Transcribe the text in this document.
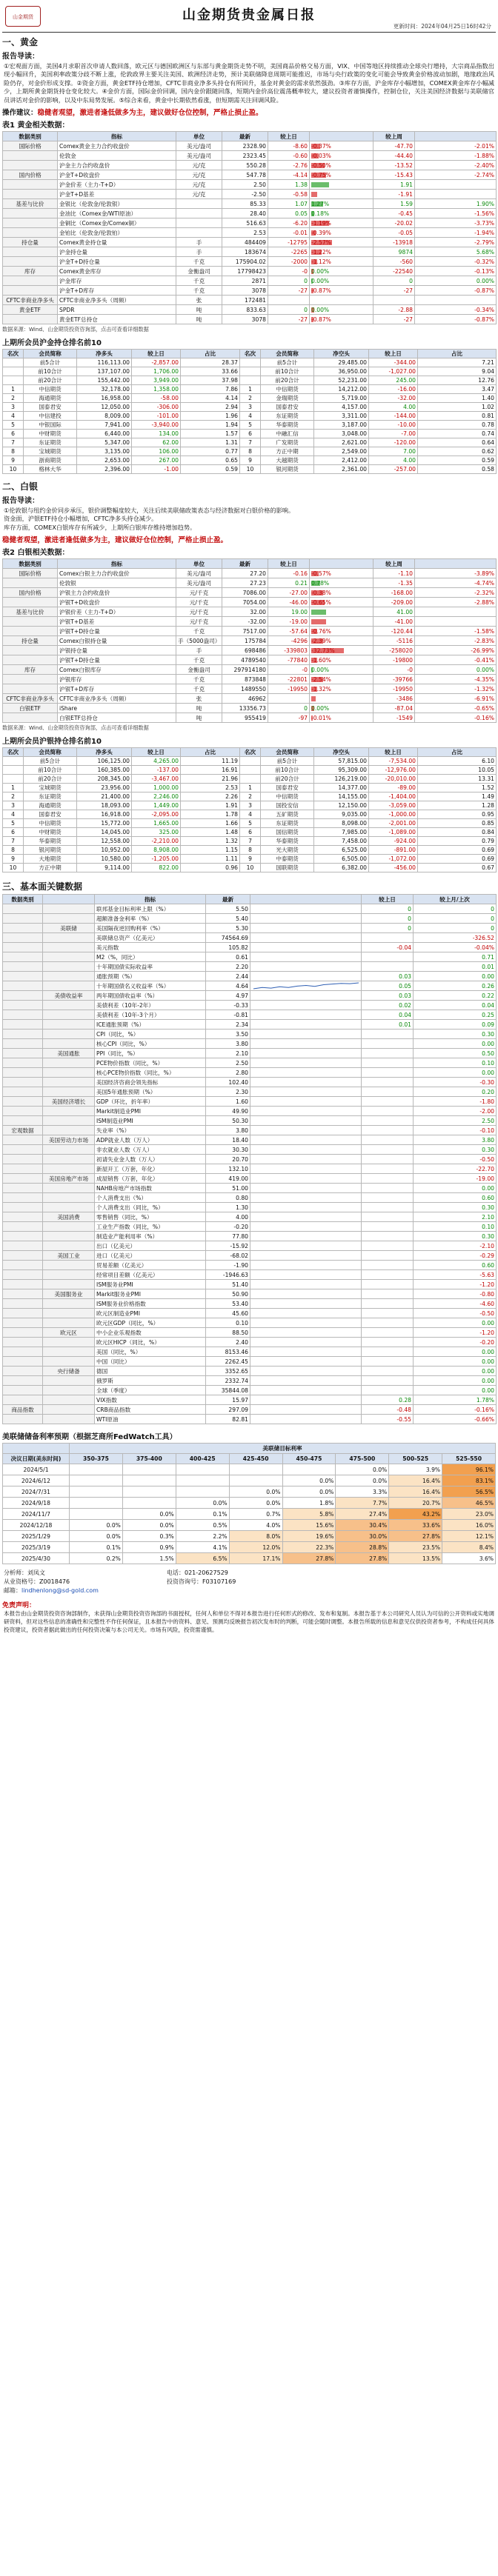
山金期货	山金期货贵金属日报
更新时间：2024年04月25日16时42分
一、黄金
报告导读：
①宏观面方面，美国4月求职首次申请人数回落，欧元区与德国欧洲区与东部与黄金期货走势不明，美国商品价格交易方面，VIX、中国等地区持续推动全球央行增持，大宗商品指数出现小幅回升，美国利率政策分歧不断上涨，伦敦政界主要关注美国、欧洲经济走势，预计美联储降息周期可能推迟，市场与央行政策的变化可能会导致黄金价格波动加剧，地缘政治风险仍存，对金价形成支撑。②资金方面，黄金ETF持仓增加，CFTC非商业净多头持仓有所回升，基金对黄金的需求依然强劲。③库存方面，沪金库存小幅增加，COMEX黄金库存小幅减少，上期所黄金期货持仓变化较大。④金价方面，国际金价回调，国内金价跟随回落，短期内金价高位震荡概率较大，建议投资者谨慎操作，控制仓位，关注美国经济数据与美联储官员讲话对金价的影响，以及中东局势发展。⑤综合来看，黄金中长期依然看涨，但短期需关注回调风险。
操作建议：稳健者观望，激进者逢低做多为主，建议做好仓位控制，严格止损止盈。
表1 黄金相关数据：
数据类别	指标	单位	最新	较上日		较上周	
国际价格	Comex黄金主力合约收盘价	美元/盎司	2328.90	-8.60	-0.37%	-47.70	-2.01%
	伦敦金	美元/盎司	2323.45	-0.60	-0.03%	-44.40	-1.88%
	沪金主力合约收盘价	元/克	550.28	-2.76	-0.50%	-13.52	-2.40%
国内价格	沪金T+D收盘价	元/克	547.78	-4.14	-0.75%	-15.43	-2.74%
	沪金价差（主力-T+D）	元/克	2.50	1.38		1.91	
	沪金T+D基差	元/克	-2.50	-0.58		-1.91	
基差与比价	金银比（伦敦金/伦敦银）		85.33	1.07	1.27%	1.59	1.90%
	金油比（Comex金/WTI原油）		28.40	0.05	0.18%	-0.45	-1.56%
	金铜比（Comex金/Comex铜）		516.63	-6.20	-1.19%	-20.02	-3.73%
	金铂比（伦敦金/伦敦铂）		2.53	-0.01	-0.39%	-0.05	-1.94%
持仓量	Comex黄金持仓量	手	484409	-12795	-2.57%	-13918	-2.79%
	沪金持仓量	手	183674	-2265	-1.22%	9874	5.68%
	沪金T+D持仓量	千克	175904.02	-2000	-1.12%	-560	-0.32%
库存	Comex黄金库存	金衡盎司	17798423	-0	0.00%	-22540	-0.13%
	沪金库存	千克	2871	0	0.00%	0	0.00%
	沪金T+D库存	千克	3078	-27	-0.87%	-27	-0.87%
CFTC非商业净多头	CFTC非商业净多头（周频）	张	172481		

黄金ETF	SPDR	吨	833.63	0	0.00%	-2.88	-0.34%
	黄金ETF总持仓	吨	3078	-27	-0.87%	-27	-0.87%
数据来源：Wind、山金期货投资咨询部，点击可查看详细数据
上期所会员沪金持仓排名前10
名次	会员简称	净多头	较上日	占比	名次	会员简称	净空头	较上日	占比
	前5合计	116,113.00	-2,857.00	28.37		前5合计	29,485.00	-344.00	7.21
	前10合计	137,107.00	1,706.00	33.66		前10合计	36,950.00	-1,027.00	9.04
	前20合计	155,442.00	3,949.00	37.98		前20合计	52,231.00	245.00	12.76
1	中信期货	32,178.00	1,358.00	7.86	1	中信期货	14,212.00	-16.00	3.47
2	海通期货	16,958.00	-58.00	4.14	2	金瑞期货	5,719.00	-32.00	1.40
3	国泰君安	12,050.00	-306.00	2.94	3	国泰君安	4,157.00	4.00	1.02
4	中信建投	8,009.00	-101.00	1.96	4	东证期货	3,311.00	-144.00	0.81
5	中银国际	7,941.00	-3,940.00	1.94	5	华泰期货	3,187.00	-10.00	0.78
6	中财期货	6,440.00	134.00	1.57	6	中融汇信	3,048.00	-7.00	0.74
7	东证期货	5,347.00	62.00	1.31	7	广发期货	2,621.00	-120.00	0.64
8	宝城期货	3,135.00	106.00	0.77	8	方正中期	2,549.00	7.00	0.62
9	浙商期货	2,653.00	267.00	0.65	9	大越期货	2,412.00	4.00	0.59
10	格林大华	2,396.00	-1.00	0.59	10	银河期货	2,361.00	-257.00	0.58
二、白银
报告导读：
①伦敦银与纽约金价同步承压，银价调整幅度较大，关注后续美联储政策表态与经济数据对白银价格的影响。
资金面，沪银ETF持仓小幅增加，CFTC净多头持仓减少。
库存方面，COMEX白银库存有所减少，上期所白银库存维持增加趋势。
稳健者观望，激进者逢低做多为主，建议做好仓位控制，严格止损止盈。
表2 白银相关数据：
数据类别	指标	单位	最新	较上日		较上周	
国际价格	Comex白银主力合约收盘价	美元/盎司	27.20	-0.16	-0.57%	-1.10	-3.89%
	伦敦银	美元/盎司	27.23	0.21	0.78%	-1.35	-4.74%
国内价格	沪银主力合约收盘价	元/千克	7086.00	-27.00	-0.38%	-168.00	-2.32%
	沪银T+D收盘价	元/千克	7054.00	-46.00	-0.65%	-209.00	-2.88%
基差与比价	沪银价差（主力-T+D）	元/千克	32.00	19.00		41.00	
	沪银T+D基差	元/千克	-32.00	-19.00		-41.00	
	沪银T+D持仓量	千克	7517.00	-57.64	-0.76%	-120.44	-1.58%
持仓量	Comex白银持仓量	手（5000盎司）	175784	-4296	-2.39%	-5116	-2.83%
	沪银持仓量	手	698486	-339803	-32.73%	-258020	-26.99%
	沪银T+D持仓量	千克	4789540	-77840	-1.60%	-19800	-0.41%
库存	Comex白银库存	金衡盎司	297914180	-0	0.00%	-0	0.00%
	沪银库存	千克	873848	-22801	-2.54%	-39766	-4.35%
	沪银T+D库存	千克	1489550	-19950	-1.32%	-19950	-1.32%
CFTC非商业净多头	CFTC非商业净多头（周频）	张	46962			-3486	-6.91%
白银ETF	iShare	吨	13356.73	0	0.00%	-87.04	-0.65%
	白银ETF总持仓	吨	955419	-97	-0.01%	-1549	-0.16%
数据来源：Wind、山金期货投资咨询部，点击可查看详细数据
上期所会员沪银持仓排名前10
名次	会员简称	净多头	较上日	占比	名次	会员简称	净空头	较上日	占比
	前5合计	106,125.00	4,265.00	11.19		前5合计	57,815.00	-7,534.00	6.10
	前10合计	160,385.00	-137.00	16.91		前10合计	95,309.00	-12,976.00	10.05
	前20合计	208,345.00	-3,467.00	21.96		前20合计	126,219.00	-20,010.00	13.31
1	宝城期货	23,956.00	1,000.00	2.53	1	国泰君安	14,377.00	-89.00	1.52
2	东证期货	21,400.00	2,246.00	2.26	2	中信期货	14,155.00	-1,404.00	1.49
3	海通期货	18,093.00	1,449.00	1.91	3	国投安信	12,150.00	-3,059.00	1.28
4	国泰君安	16,918.00	-2,095.00	1.78	4	五矿期货	9,035.00	-1,000.00	0.95
5	中信期货	15,772.00	1,665.00	1.66	5	东证期货	8,098.00	-2,001.00	0.85
6	中财期货	14,045.00	325.00	1.48	6	国信期货	7,985.00	-1,089.00	0.84
7	华泰期货	12,558.00	-2,210.00	1.32	7	华泰期货	7,458.00	-924.00	0.79
8	银河期货	10,952.00	8,908.00	1.15	8	光大期货	6,525.00	-891.00	0.69
9	大地期货	10,580.00	-1,205.00	1.11	9	中泰期货	6,505.00	-1,072.00	0.69
10	方正中期	9,114.00	822.00	0.96	10	国联期货	6,382.00	-456.00	0.67
三、基本面关键数据
数据类别		指标	最新		较上日	较上月/上次
		联邦基金目标利率上限（%）	5.50		0	0
		超额准备金利率（%）	5.40		0	0
	美联储	美国隔夜逆回购利率（%）	5.30		0	0
		美联储总资产（亿美元）	74564.69			-326.52
		美元指数	105.82		-0.04	-0.04%
		M2（%，同比）	0.61			0.71
		十年期国债实际收益率	2.20			0.01
		通胀预期（%）	2.44		0.03	0.00
		十年期国债名义收益率（%）	4.64		0.05	0.26
	美债收益率	两年期国债收益率（%）	4.97		0.03	0.22
		美债利差（10年-2年）	-0.33		0.02	0.04
		美债利差（10年-3个月）	-0.81		0.04	0.25
		ICE通胀预期（%）	2.34		0.01	0.09
		CPI（同比，%）	3.50			0.30
		核心CPI（同比，%）	3.80			0.00
	美国通胀	PPI（同比，%）	2.10			0.50
		PCE物价指数（同比，%）	2.50			0.10
		核心PCE物价指数（同比，%）	2.80			0.00
		美国经济咨商会领先指标	102.40			-0.30
		美国5年通胀预期（%）	2.30			0.20
	美国经济增长	GDP（环比，折年率）	1.60			-1.80
		Markit制造业PMI	49.90			-2.00
		ISM制造业PMI	50.30			2.50
宏观数据		失业率（%）	3.80			-0.10
	美国劳动力市场	ADP就业人数（万人）	18.40			3.80
		非农就业人数（万人）	30.30			0.30
		初请失业金人数（万人）	20.70			-0.50
		新屋开工（万套，年化）	132.10			-22.70
	美国房地产市场	成屋销售（万套，年化）	419.00			-19.00
		NAHB房地产市场指数	51.00			0.00
		个人消费支出（%）	0.80			0.60
		个人消费支出（同比，%）	1.30			0.30
	美国消费	零售销售（同比，%）	4.00			2.10
		工业生产指数（同比，%）	-0.20			0.10
		制造业产能利用率（%）	77.80			0.30
		出口（亿美元）	-15.92			-2.10
	美国工业	进口（亿美元）	-68.02			-0.29
		贸易差额（亿美元）	-1.90			0.60
		经常项目差额（亿美元）	-1946.63			-5.63
		ISM服务业PMI	51.40			-1.20
	美国服务业	Markit服务业PMI	50.90			-0.80
		ISM服务业价格指数	53.40			-4.60
		欧元区制造业PMI	45.60			-0.50
		欧元区GDP（同比，%）	0.10			0.00
	欧元区	中小企业乐观指数	88.50			-1.20
		欧元区HICP（同比，%）	2.40			-0.20
		美国（同比，%）	8153.46			0.00
		中国（同比）	2262.45			0.00
	央行储备	德国	3352.65			0.00
		俄罗斯	2332.74			0.00
		全球（季度）	35844.08			0.00
		VIX指数	15.97		0.28	1.78%
商品指数		CRB商品指数	297.09		-0.48	-0.16%
		WTI原油	82.81		-0.55	-0.66%
美联储储备利率预期（根据芝商所FedWatch工具）
	美联储目标利率							
决议日期(美东时间)	350-375	375-400	400-425	425-450	450-475	475-500	500-525	525-550
2024/5/1						0.0%	3.9%	96.1%
2024/6/12					0.0%	0.0%	16.4%	83.1%
2024/7/31				0.0%	0.0%	3.3%	16.4%	56.5%
2024/9/18			0.0%	0.0%	1.8%	7.7%	20.7%	46.5%
2024/11/7		0.0%	0.1%	0.7%	5.8%	27.4%	43.2%	23.0%
2024/12/18	0.0%	0.0%	0.5%	4.0%	15.6%	30.4%	33.6%	16.0%
2025/1/29	0.0%	0.3%	2.2%	8.0%	19.6%	30.0%	27.8%	12.1%
2025/3/19	0.1%	0.9%	4.1%	12.0%	22.3%	28.8%	23.5%	8.4%
2025/4/30	0.2%	1.5%	6.5%	17.1%	27.8%	27.8%	13.5%	3.6%
分析师：刘凤文	电话：021-20627529
从业资格号：Z0018476	投资咨询号：F03107169
邮箱：lindhenlong@sd-gold.com
免责声明：
本报告由山金期货投资咨询部制作，未获得山金期货投资咨询部的书面授权，任何人和单位不得对本报告进行任何形式的修改、发布和复制。本报告基于本公司研究人员认为可信的公开资料或实地调研资料，但对这些信息的准确性和完整性不作任何保证，且本报告中的资料、意见、预测均反映报告初次发布时的判断，可能会随时调整。本报告所载的信息和意见仅供投资者参考，不构成任何具体投资建议，投资者据此做出的任何投资决策与本公司无关。市场有风险，投资需谨慎。
